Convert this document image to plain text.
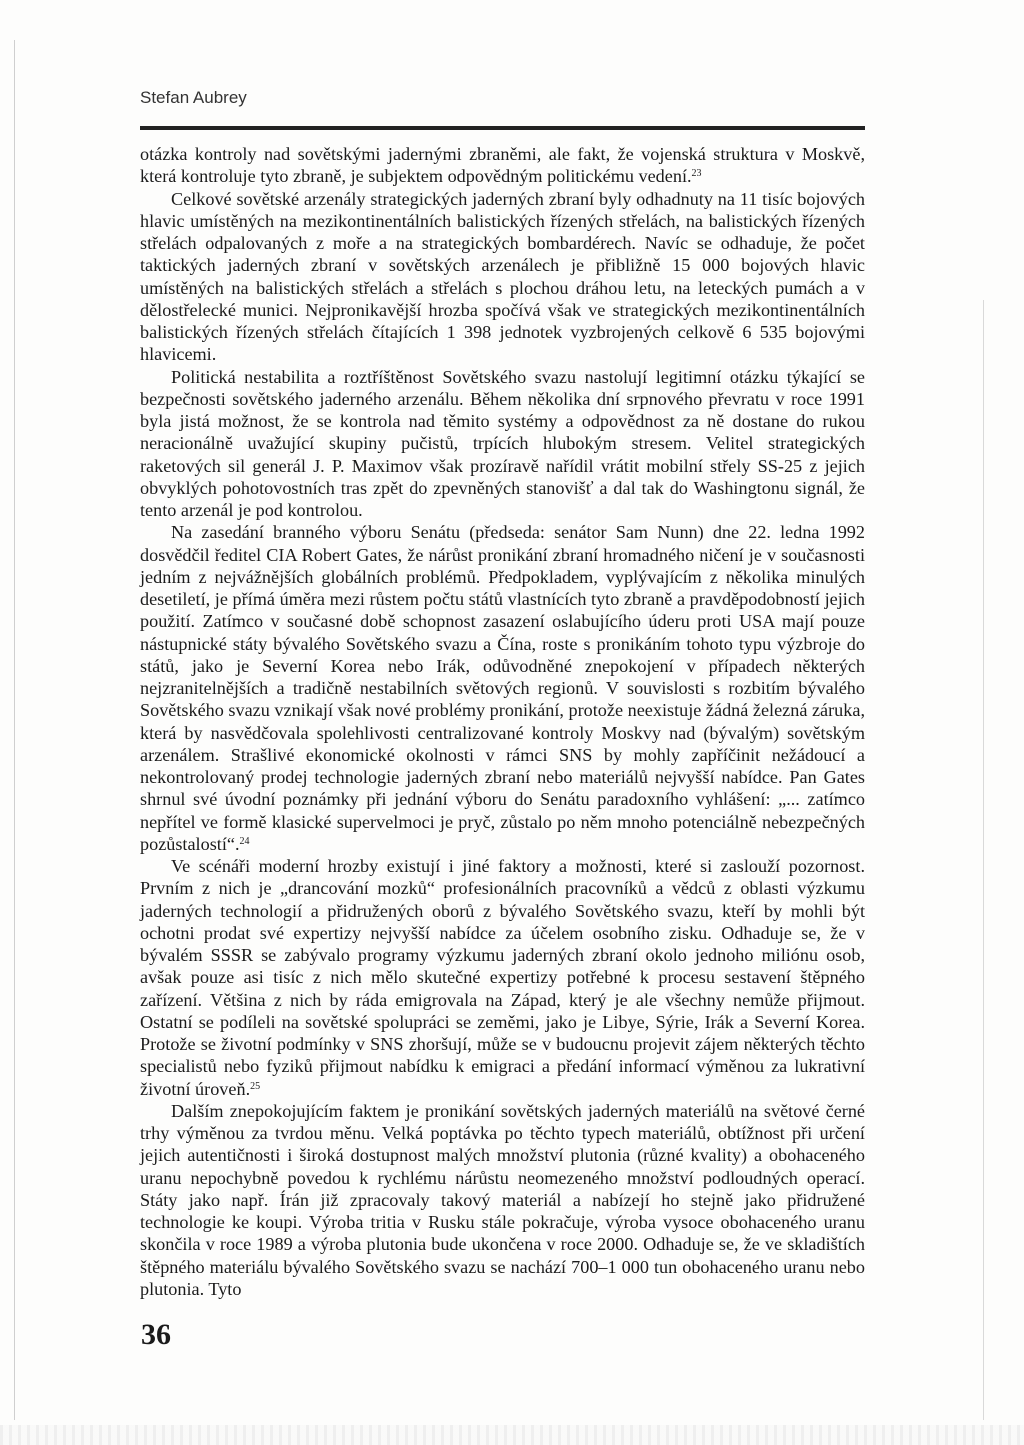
Stefan Aubrey

otázka kontroly nad sovětskými jadernými zbraněmi, ale fakt, že vojenská struktura v Moskvě, která kontroluje tyto zbraně, je subjektem odpovědným politickému vedení.$^{23}$

Celkové sovětské arzenály strategických jaderných zbraní byly odhadnuty na 11 tisíc bojových hlavic umístěných na mezikontinentálních balistických řízených střelách, na balistických řízených střelách odpalovaných z moře a na strategických bombardérech. Navíc se odhaduje, že počet taktických jaderných zbraní v sovětských arzenálech je přibližně 15 000 bojových hlavic umístěných na balistických střelách a střelách s plochou dráhou letu, na leteckých pumách a v dělostřelecké munici. Nejpronikavější hrozba spočívá však ve strategických mezikontinentálních balistických řízených střelách čítajících 1 398 jednotek vyzbrojených celkově 6 535 bojovými hlavicemi.

Politická nestabilita a roztříštěnost Sovětského svazu nastolují legitimní otázku týkající se bezpečnosti sovětského jaderného arzenálu. Během několika dní srpnového převratu v roce 1991 byla jistá možnost, že se kontrola nad těmito systémy a odpovědnost za ně dostane do rukou neracionálně uvažující skupiny pučistů, trpících hlubokým stresem. Velitel strategických raketových sil generál J. P. Maximov však prozíravě nařídil vrátit mobilní střely SS-25 z jejich obvyklých pohotovostních tras zpět do zpevněných stanovišť a dal tak do Washingtonu signál, že tento arzenál je pod kontrolou.

Na zasedání branného výboru Senátu (předseda: senátor Sam Nunn) dne 22. ledna 1992 dosvědčil ředitel CIA Robert Gates, že nárůst pronikání zbraní hromadného ničení je v současnosti jedním z nejvážnějších globálních problémů. Předpokladem, vyplývajícím z několika minulých desetiletí, je přímá úměra mezi růstem počtu států vlastnících tyto zbraně a pravděpodobností jejich použití. Zatímco v současné době schopnost zasazení oslabujícího úderu proti USA mají pouze nástupnické státy bývalého Sovětského svazu a Čína, roste s pronikáním tohoto typu výzbroje do států, jako je Severní Korea nebo Irák, odůvodněné znepokojení v případech některých nejzranitelnějších a tradičně nestabilních světových regionů. V souvislosti s rozbitím bývalého Sovětského svazu vznikají však nové problémy pronikání, protože neexistuje žádná železná záruka, která by nasvědčovala spolehlivosti centralizované kontroly Moskvy nad (bývalým) sovětským arzenálem. Strašlivé ekonomické okolnosti v rámci SNS by mohly zapříčinit nežádoucí a nekontrolovaný prodej technologie jaderných zbraní nebo materiálů nejvyšší nabídce. Pan Gates shrnul své úvodní poznámky při jednání výboru do Senátu paradoxního vyhlášení: „... zatímco nepřítel ve formě klasické supervelmoci je pryč, zůstalo po něm mnoho potenciálně nebezpečných pozůstalostí“.$^{24}$

Ve scénáři moderní hrozby existují i jiné faktory a možnosti, které si zaslouží pozornost. Prvním z nich je „drancování mozků“ profesionálních pracovníků a vědců z oblasti výzkumu jaderných technologií a přidružených oborů z bývalého Sovětského svazu, kteří by mohli být ochotni prodat své expertizy nejvyšší nabídce za účelem osobního zisku. Odhaduje se, že v bývalém SSSR se zabývalo programy výzkumu jaderných zbraní okolo jednoho miliónu osob, avšak pouze asi tisíc z nich mělo skutečné expertizy potřebné k procesu sestavení štěpného zařízení. Většina z nich by ráda emigrovala na Západ, který je ale všechny nemůže přijmout. Ostatní se podíleli na sovětské spolupráci se zeměmi, jako je Libye, Sýrie, Irák a Severní Korea. Protože se životní podmínky v SNS zhoršují, může se v budoucnu projevit zájem některých těchto specialistů nebo fyziků přijmout nabídku k emigraci a předání informací výměnou za lukrativní životní úroveň.$^{25}$

Dalším znepokojujícím faktem je pronikání sovětských jaderných materiálů na světové černé trhy výměnou za tvrdou měnu. Velká poptávka po těchto typech materiálů, obtížnost při určení jejich autentičnosti i široká dostupnost malých množství plutonia (různé kvality) a obohaceného uranu nepochybně povedou k rychlému nárůstu neomezeného množství podloudných operací. Státy jako např. Írán již zpracovaly takový materiál a nabízejí ho stejně jako přidružené technologie ke koupi. Výroba tritia v Rusku stále pokračuje, výroba vysoce obohaceného uranu skončila v roce 1989 a výroba plutonia bude ukončena v roce 2000. Odhaduje se, že ve skladištích štěpného materiálu bývalého Sovětského svazu se nachází 700–1 000 tun obohaceného uranu nebo plutonia. Tyto

36
